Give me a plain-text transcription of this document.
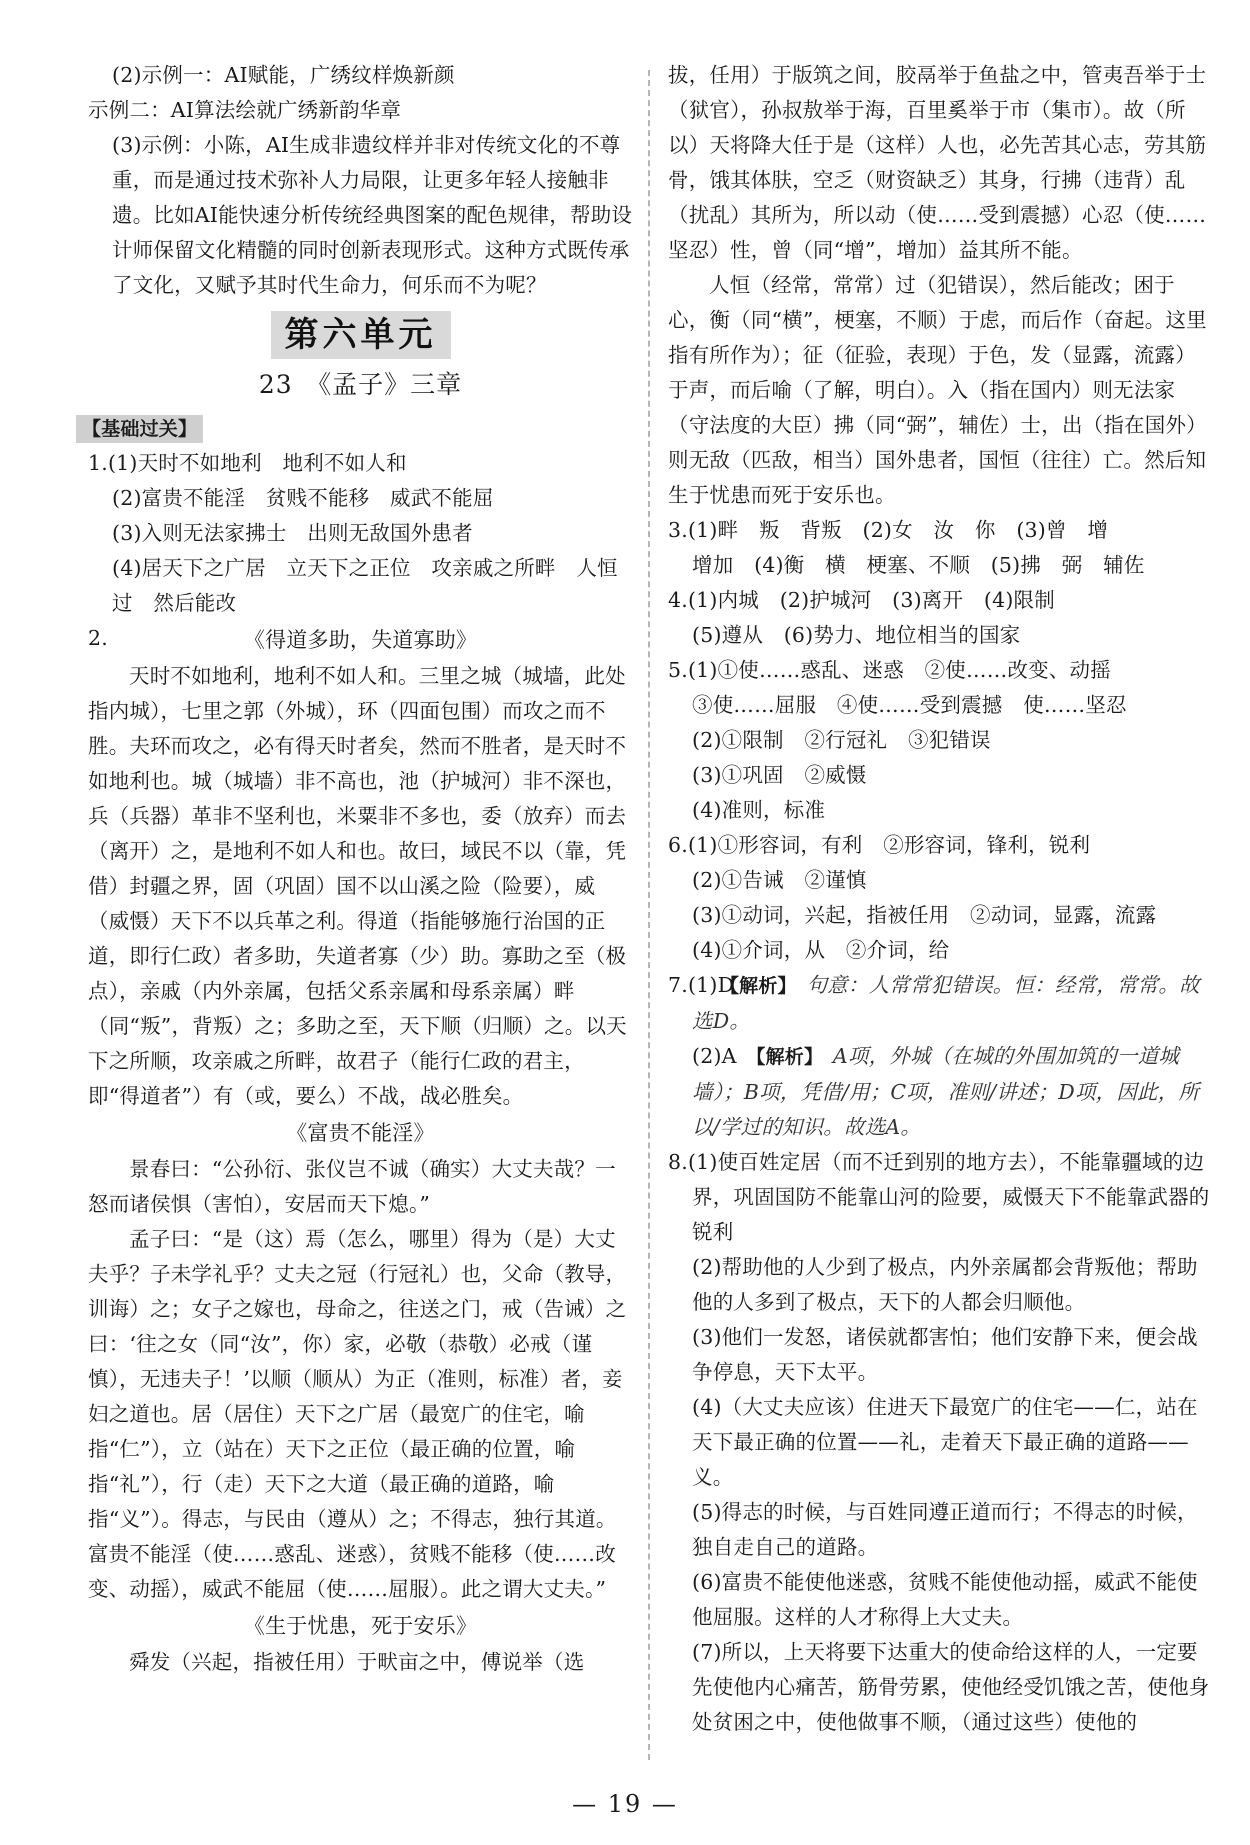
(2)示例一：AI赋能，广绣纹样焕新颜

示例二：AI算法绘就广绣新韵华章

(3)示例：小陈，AI生成非遗纹样并非对传统文化的不尊重，而是通过技术弥补人力局限，让更多年轻人接触非遗。比如AI能快速分析传统经典图案的配色规律，帮助设计师保留文化精髓的同时创新表现形式。这种方式既传承了文化，又赋予其时代生命力，何乐而不为呢？

第六单元
23　《孟子》三章
【基础过关】

1.(1)天时不如地利　地利不如人和

(2)富贵不能淫　贫贱不能移　威武不能屈

(3)入则无法家拂士　出则无敌国外患者

(4)居天下之广居　立天下之正位　攻亲戚之所畔　人恒过　然后能改

2.	《得道多助，失道寡助》

天时不如地利，地利不如人和。三里之城（城墙，此处指内城），七里之郭（外城），环（四面包围）而攻之而不胜。夫环而攻之，必有得天时者矣，然而不胜者，是天时不如地利也。城（城墙）非不高也，池（护城河）非不深也，兵（兵器）革非不坚利也，米粟非不多也，委（放弃）而去（离开）之，是地利不如人和也。故曰，域民不以（靠，凭借）封疆之界，固（巩固）国不以山溪之险（险要），威（威慑）天下不以兵革之利。得道（指能够施行治国的正道，即行仁政）者多助，失道者寡（少）助。寡助之至（极点），亲戚（内外亲属，包括父系亲属和母系亲属）畔（同“叛”，背叛）之；多助之至，天下顺（归顺）之。以天下之所顺，攻亲戚之所畔，故君子（能行仁政的君主，即“得道者”）有（或，要么）不战，战必胜矣。

《富贵不能淫》

景春曰：“公孙衍、张仪岂不诚（确实）大丈夫哉？一怒而诸侯惧（害怕），安居而天下熄。”

孟子曰：“是（这）焉（怎么，哪里）得为（是）大丈夫乎？子未学礼乎？丈夫之冠（行冠礼）也，父命（教导，训诲）之；女子之嫁也，母命之，往送之门，戒（告诫）之曰：‘往之女（同“汝”，你）家，必敬（恭敬）必戒（谨慎），无违夫子！’以顺（顺从）为正（准则，标准）者，妾妇之道也。居（居住）天下之广居（最宽广的住宅，喻指“仁”），立（站在）天下之正位（最正确的位置，喻指“礼”），行（走）天下之大道（最正确的道路，喻指“义”）。得志，与民由（遵从）之；不得志，独行其道。富贵不能淫（使……惑乱、迷惑），贫贱不能移（使……改变、动摇），威武不能屈（使……屈服）。此之谓大丈夫。”

《生于忧患，死于安乐》

舜发（兴起，指被任用）于畎亩之中，傅说举（选

拔，任用）于版筑之间，胶鬲举于鱼盐之中，管夷吾举于士（狱官），孙叔敖举于海，百里奚举于市（集市）。故（所以）天将降大任于是（这样）人也，必先苦其心志，劳其筋骨，饿其体肤，空乏（财资缺乏）其身，行拂（违背）乱（扰乱）其所为，所以动（使……受到震撼）心忍（使……坚忍）性，曾（同“增”，增加）益其所不能。

人恒（经常，常常）过（犯错误），然后能改；困于心，衡（同“横”，梗塞，不顺）于虑，而后作（奋起。这里指有所作为）；征（征验，表现）于色，发（显露，流露）于声，而后喻（了解，明白）。入（指在国内）则无法家（守法度的大臣）拂（同“弼”，辅佐）士，出（指在国外）则无敌（匹敌，相当）国外患者，国恒（往往）亡。然后知生于忧患而死于安乐也。

3.(1)畔　叛　背叛　(2)女　汝　你　(3)曾　增

增加　(4)衡　横　梗塞、不顺　(5)拂　弼　辅佐

4.(1)内城　(2)护城河　(3)离开　(4)限制

(5)遵从　(6)势力、地位相当的国家

5.(1)①使……惑乱、迷惑　②使……改变、动摇

③使……屈服　④使……受到震撼　使……坚忍

(2)①限制　②行冠礼　③犯错误

(3)①巩固　②威慑

(4)准则，标准

6.(1)①形容词，有利　②形容词，锋利，锐利

(2)①告诫　②谨慎

(3)①动词，兴起，指被任用　②动词，显露，流露

(4)①介词，从　②介词，给

7.(1)D 【解析】 句意：人常常犯错误。恒：经常，常常。故选D。

(2)A 【解析】 A项，外城（在城的外围加筑的一道城墙）；B项，凭借/用；C项，准则/讲述；D项，因此，所以/学过的知识。故选A。

8.(1)使百姓定居（而不迁到别的地方去），不能靠疆域的边界，巩固国防不能靠山河的险要，威慑天下不能靠武器的锐利

(2)帮助他的人少到了极点，内外亲属都会背叛他；帮助他的人多到了极点，天下的人都会归顺他。

(3)他们一发怒，诸侯就都害怕；他们安静下来，便会战争停息，天下太平。

(4)（大丈夫应该）住进天下最宽广的住宅——仁，站在天下最正确的位置——礼，走着天下最正确的道路——义。

(5)得志的时候，与百姓同遵正道而行；不得志的时候，独自走自己的道路。

(6)富贵不能使他迷惑，贫贱不能使他动摇，威武不能使他屈服。这样的人才称得上大丈夫。

(7)所以，上天将要下达重大的使命给这样的人，一定要先使他内心痛苦，筋骨劳累，使他经受饥饿之苦，使他身处贫困之中，使他做事不顺，（通过这些）使他的

— 19 —
